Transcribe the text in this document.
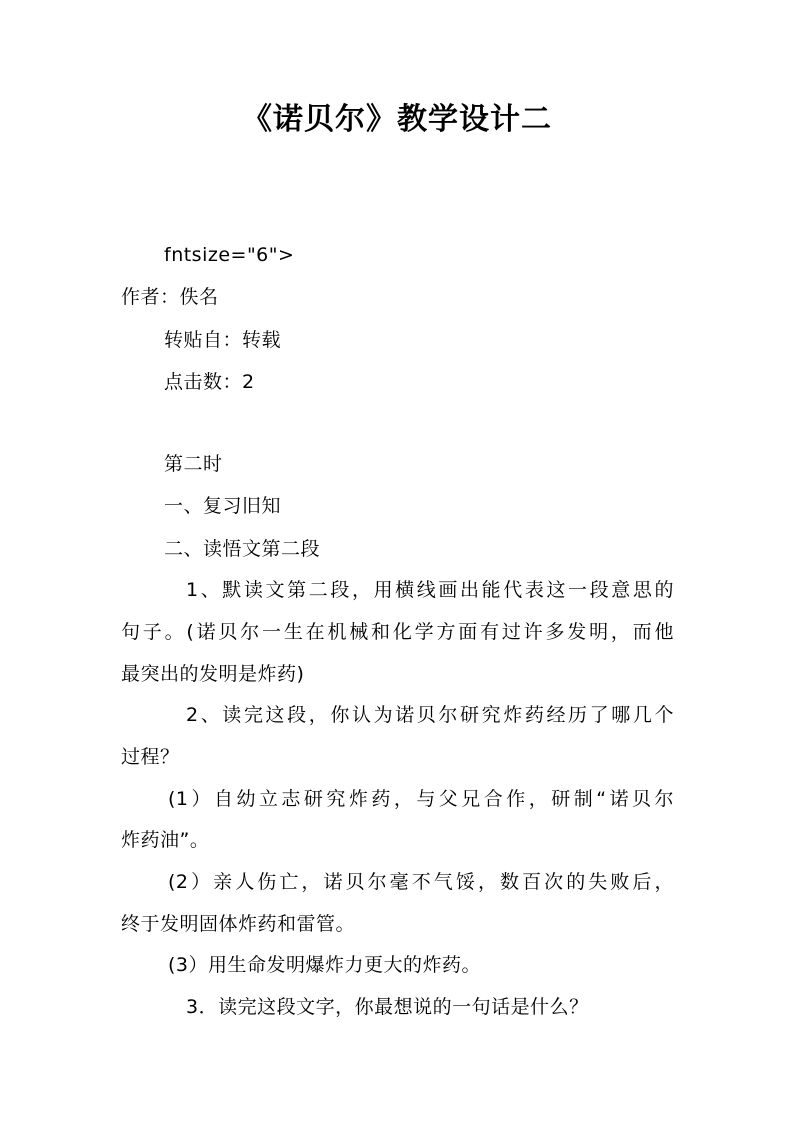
《诺贝尔》教学设计二
fntsize="6">
作者：佚名
转贴自：转载
点击数：2
第二时
一、复习旧知
二、读悟文第二段
1、默读文第二段，用横线画出能代表这一段意思的
句子。(诺贝尔一生在机械和化学方面有过许多发明，而他
最突出的发明是炸药)
2、读完这段，你认为诺贝尔研究炸药经历了哪几个
过程？
(1）自幼立志研究炸药，与父兄合作，研制“诺贝尔
炸药油”。
(2）亲人伤亡，诺贝尔毫不气馁，数百次的失败后，
终于发明固体炸药和雷管。
(3）用生命发明爆炸力更大的炸药。
3．读完这段文字，你最想说的一句话是什么？
